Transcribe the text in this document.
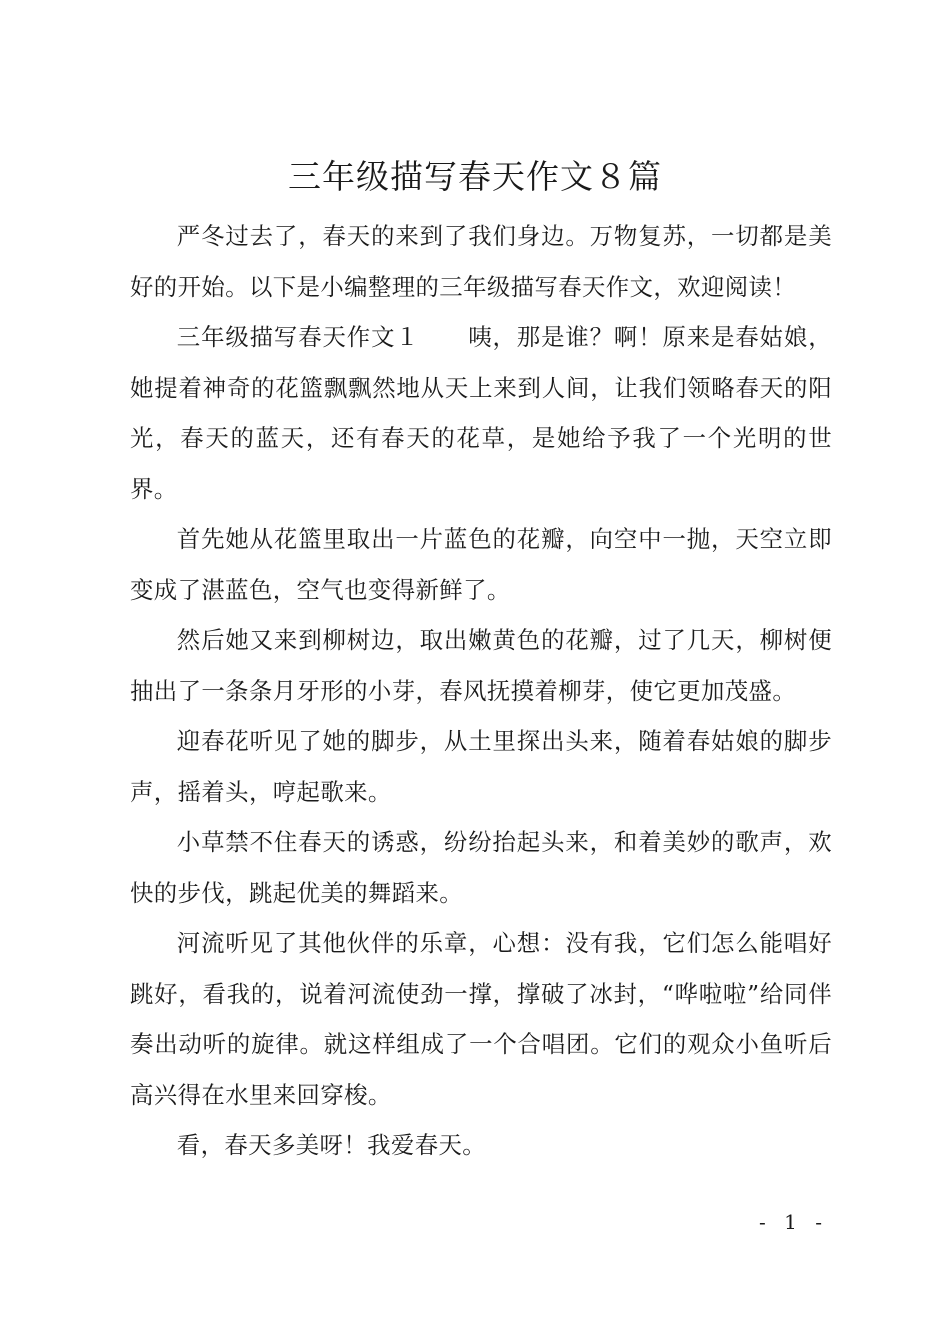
三年级描写春天作文８篇

严冬过去了，春天的来到了我们身边。万物复苏，一切都是美好的开始。以下是小编整理的三年级描写春天作文，欢迎阅读！

三年级描写春天作文１　　咦，那是谁？啊！原来是春姑娘，她提着神奇的花篮飘飘然地从天上来到人间，让我们领略春天的阳光，春天的蓝天，还有春天的花草，是她给予我了一个光明的世界。

首先她从花篮里取出一片蓝色的花瓣，向空中一抛，天空立即变成了湛蓝色，空气也变得新鲜了。

然后她又来到柳树边，取出嫩黄色的花瓣，过了几天，柳树便抽出了一条条月牙形的小芽，春风抚摸着柳芽，使它更加茂盛。

迎春花听见了她的脚步，从土里探出头来，随着春姑娘的脚步声，摇着头，哼起歌来。

小草禁不住春天的诱惑，纷纷抬起头来，和着美妙的歌声，欢快的步伐，跳起优美的舞蹈来。

河流听见了其他伙伴的乐章，心想：没有我，它们怎么能唱好跳好，看我的，说着河流使劲一撑，撑破了冰封，“哗啦啦”给同伴奏出动听的旋律。就这样组成了一个合唱团。它们的观众小鱼听后高兴得在水里来回穿梭。

看，春天多美呀！我爱春天。

- 1 -
